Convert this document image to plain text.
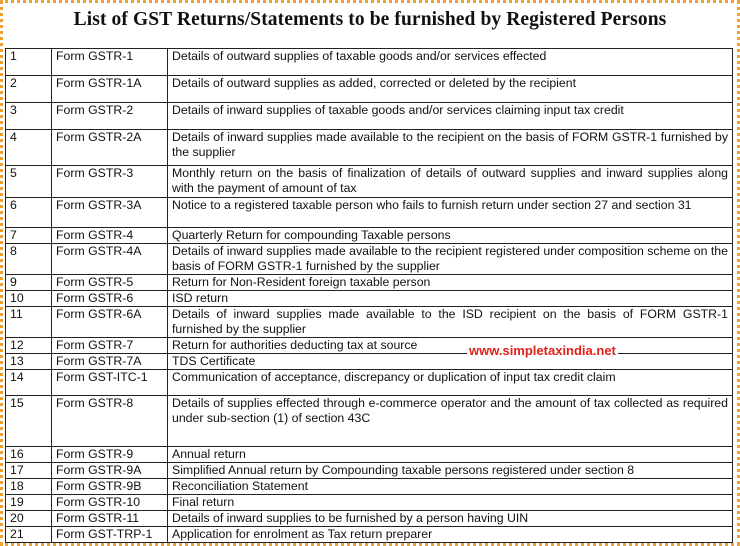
List of GST Returns/Statements to be furnished by Registered Persons
1	Form GSTR-1	Details of outward supplies of taxable goods and/or services effected
2	Form GSTR-1A	Details of outward supplies as added, corrected or deleted by the recipient
3	Form GSTR-2	Details of inward supplies of taxable goods and/or services claiming input tax credit
4	Form GSTR-2A	Details of inward supplies made available to the recipient on the basis of FORM GSTR-1 furnished by the supplier
5	Form GSTR-3	Monthly return on the basis of finalization of details of outward supplies and inward supplies along with the payment of amount of tax
6	Form GSTR-3A	Notice to a registered taxable person who fails to furnish return under section 27 and section 31
7	Form GSTR-4	Quarterly Return for compounding Taxable persons
8	Form GSTR-4A	Details of inward supplies made available to the recipient registered under composition scheme on the basis of FORM GSTR-1 furnished by the supplier
9	Form GSTR-5	Return for Non-Resident foreign taxable person
10	Form GSTR-6	ISD return
11	Form GSTR-6A	Details of inward supplies made available to the ISD recipient on the basis of FORM GSTR-1 furnished by the supplier
12	Form GSTR-7	Return for authorities deducting tax at source
13	Form GSTR-7A	TDS Certificate
14	Form GST-ITC-1	Communication of acceptance, discrepancy or duplication of input tax credit claim
15	Form GSTR-8	Details of supplies effected through e-commerce operator and the amount of tax collected as required under sub-section (1) of section 43C
16	Form GSTR-9	Annual return
17	Form GSTR-9A	Simplified Annual return by Compounding taxable persons registered under section 8
18	Form GSTR-9B	Reconciliation Statement
19	Form GSTR-10	Final return
20	Form GSTR-11	Details of inward supplies to be furnished by a person having UIN
21	Form GST-TRP-1	Application for enrolment as Tax return preparer
www.simpletaxindia.net
